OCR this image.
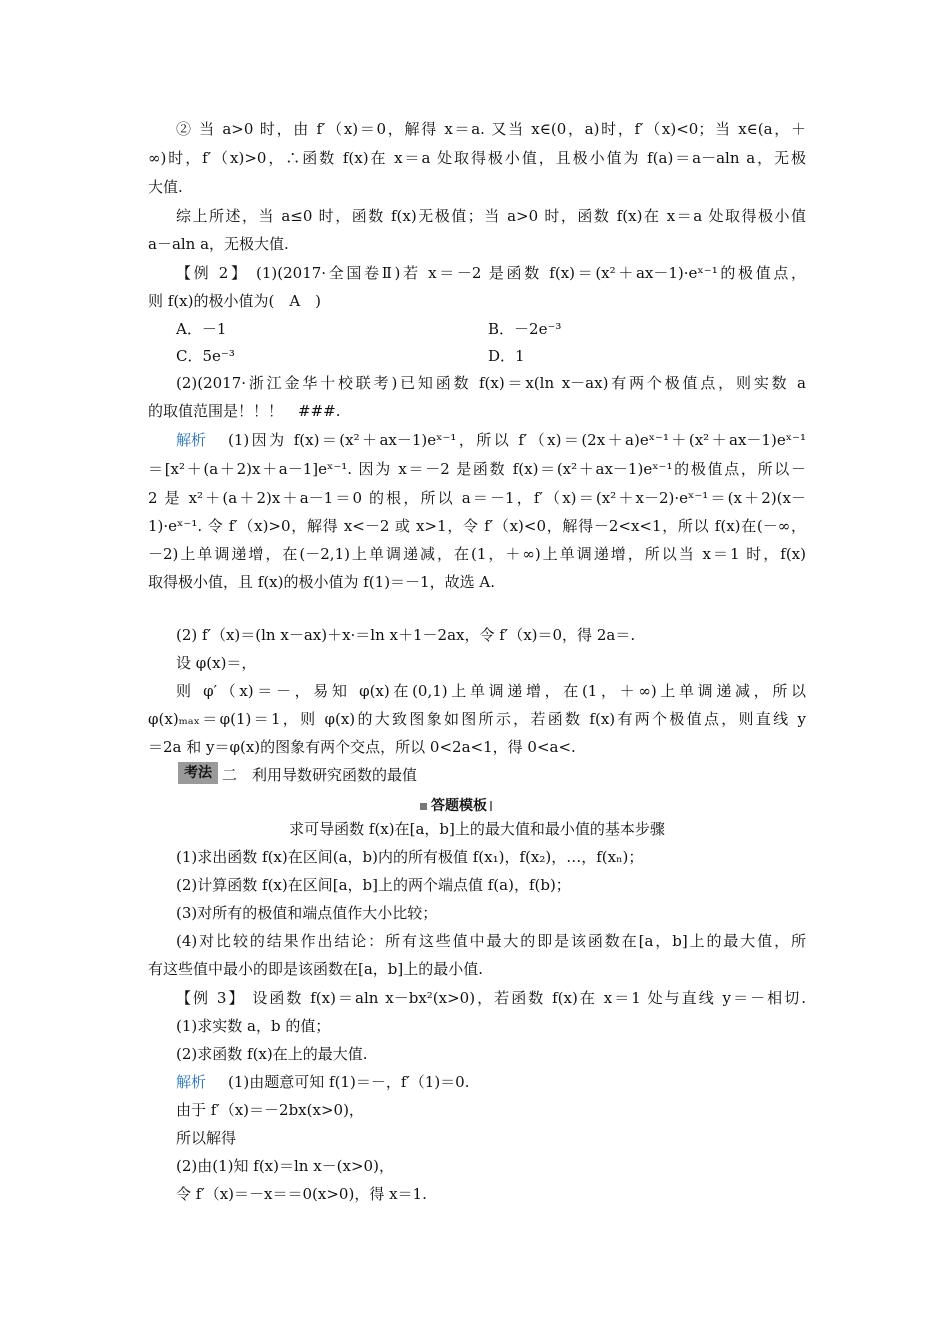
② 当 a>0 时，由 f′（x)＝0，解得 x＝a. 又当 x∈(0，a)时，f′（x)<0；当 x∈(a，＋
∞)时，f′（x)>0，∴函数 f(x)在 x＝a 处取得极小值，且极小值为 f(a)＝a－aln a，无极
大值.
综上所述，当 a≤0 时，函数 f(x)无极值；当 a>0 时，函数 f(x)在 x＝a 处取得极小值
a－aln a，无极大值.
【例 2】 (1)(2017·全国卷Ⅱ)若 x＝－2 是函数 f(x)＝(x²＋ax－1)·eˣ⁻¹的极值点，
则 f(x)的极小值为(　A　)
A．－1	B．－2e⁻³
C．5e⁻³	D．1
(2)(2017·浙江金华十校联考)已知函数 f(x)＝x(ln x－ax)有两个极值点，则实数 a
的取值范围是！！！　###.
解析 (1)因为 f(x)＝(x²＋ax－1)eˣ⁻¹，所以 f′（x)＝(2x＋a)eˣ⁻¹＋(x²＋ax－1)eˣ⁻¹
＝[x²＋(a＋2)x＋a－1]eˣ⁻¹. 因为 x＝－2 是函数 f(x)＝(x²＋ax－1)eˣ⁻¹的极值点，所以－
2 是 x²＋(a＋2)x＋a－1＝0 的根，所以 a＝－1，f′（x)＝(x²＋x－2)·eˣ⁻¹＝(x＋2)(x－
1)·eˣ⁻¹. 令 f′（x)>0，解得 x<－2 或 x>1，令 f′（x)<0，解得－2<x<1，所以 f(x)在(－∞，
－2)上单调递增，在(－2,1)上单调递减，在(1，＋∞)上单调递增，所以当 x＝1 时，f(x)
取得极小值，且 f(x)的极小值为 f(1)＝－1，故选 A.
(2) f′（x)＝(ln x－ax)＋x·＝ln x＋1－2ax，令 f′（x)＝0，得 2a＝.
设 φ(x)＝，
则 φ′（x)＝－，易知 φ(x)在(0,1)上单调递增，在(1，＋∞)上单调递减，所以
φ(x)ₘₐₓ＝φ(1)＝1，则 φ(x)的大致图象如图所示，若函数 f(x)有两个极值点，则直线 y
＝2a 和 y＝φ(x)的图象有两个交点，所以 0<2a<1，得 0<a<.
考法 二　利用导数研究函数的最值
答题模板
求可导函数 f(x)在[a，b]上的最大值和最小值的基本步骤
(1)求出函数 f(x)在区间(a，b)内的所有极值 f(x₁)，f(x₂)，…，f(xₙ)；
(2)计算函数 f(x)在区间[a，b]上的两个端点值 f(a)，f(b)；
(3)对所有的极值和端点值作大小比较；
(4)对比较的结果作出结论：所有这些值中最大的即是该函数在[a，b]上的最大值，所
有这些值中最小的即是该函数在[a，b]上的最小值.
【例 3】 设函数 f(x)＝aln x－bx²(x>0)，若函数 f(x)在 x＝1 处与直线 y＝－相切.
(1)求实数 a，b 的值；
(2)求函数 f(x)在上的最大值.
解析 (1)由题意可知 f(1)＝－，f′（1)＝0.
由于 f′（x)＝－2bx(x>0)，
所以解得
(2)由(1)知 f(x)＝ln x－(x>0)，
令 f′（x)＝－x＝＝0(x>0)，得 x＝1.
